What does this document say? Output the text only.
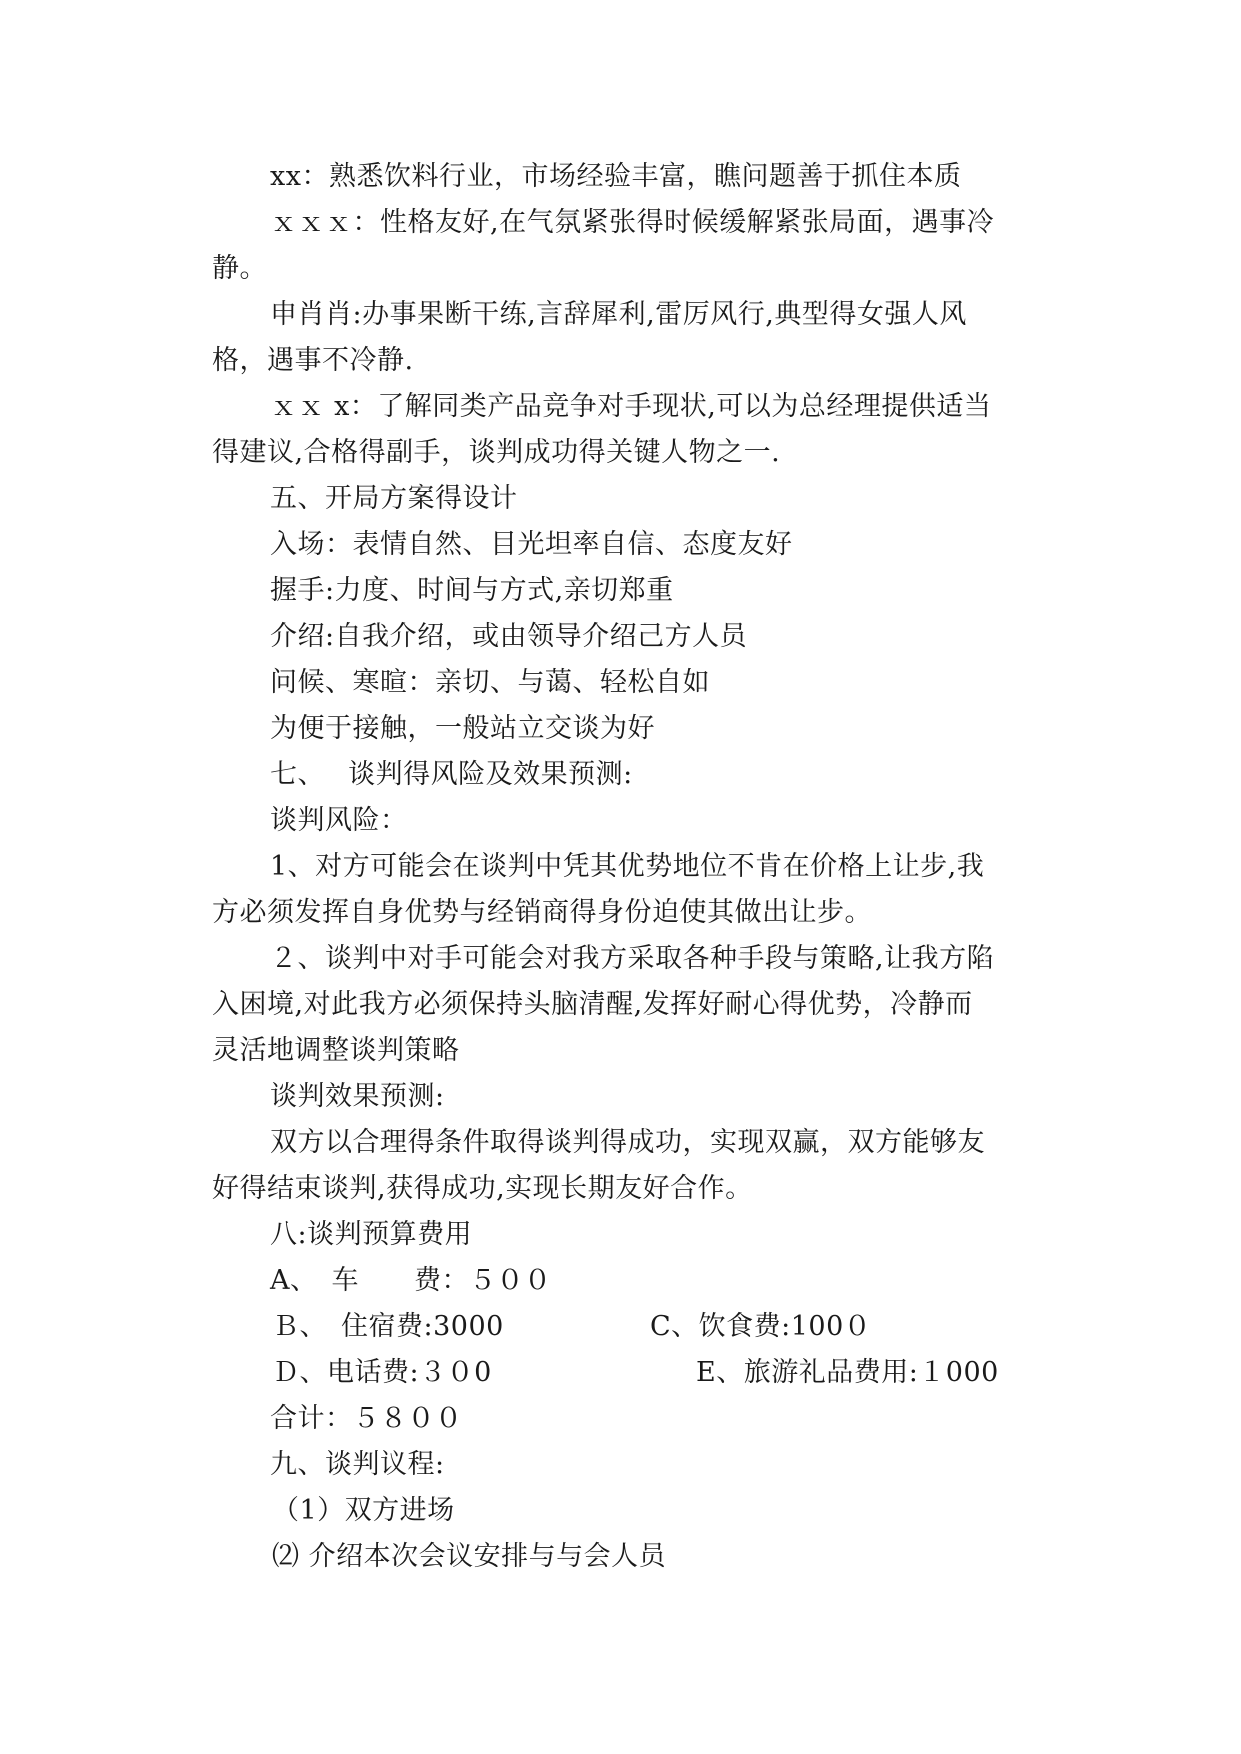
xx：熟悉饮料行业，市场经验丰富，瞧问题善于抓住本质

ｘｘｘ：性格友好,在气氛紧张得时候缓解紧张局面，遇事冷

静。

申肖肖:办事果断干练,言辞犀利,雷厉风行,典型得女强人风

格，遇事不冷静.

ｘｘ x：了解同类产品竞争对手现状,可以为总经理提供适当

得建议,合格得副手，谈判成功得关键人物之一.

五、开局方案得设计

入场：表情自然、目光坦率自信、态度友好

握手:力度、时间与方式,亲切郑重

介绍:自我介绍，或由领导介绍己方人员

问候、寒暄：亲切、与蔼、轻松自如

为便于接触，一般站立交谈为好

七、　 谈判得风险及效果预测:

谈判风险：

1、对方可能会在谈判中凭其优势地位不肯在价格上让步,我

方必须发挥自身优势与经销商得身份迫使其做出让步。

２、谈判中对手可能会对我方采取各种手段与策略,让我方陷

入困境,对此我方必须保持头脑清醒,发挥好耐心得优势，冷静而

灵活地调整谈判策略

谈判效果预测:

双方以合理得条件取得谈判得成功，实现双赢，双方能够友

好得结束谈判,获得成功,实现长期友好合作。

八:谈判预算费用

A、　车　　费：５００

Ｂ、　住宿费:3000	C、饮食费:100０
Ｄ、电话费:３０0	E、旅游礼品费用:１000

合计：５８００

九、谈判议程:

（1）双方进场

⑵ 介绍本次会议安排与与会人员
